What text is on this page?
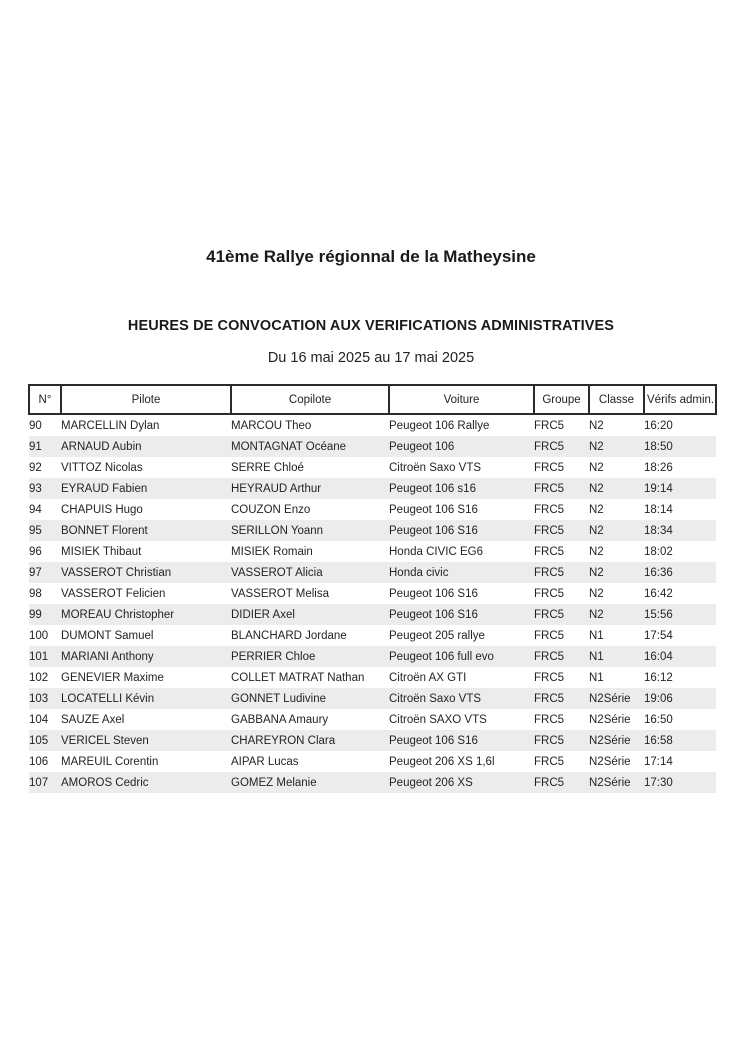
41ème Rallye régionnal de la Matheysine
HEURES DE CONVOCATION AUX VERIFICATIONS ADMINISTRATIVES

Du 16 mai 2025 au 17 mai 2025

N°	Pilote	Copilote	Voiture	Groupe	Classe	Vérifs admin.
90	MARCELLIN Dylan	MARCOU Theo	Peugeot 106 Rallye	FRC5	N2	16:20
91	ARNAUD Aubin	MONTAGNAT Océane	Peugeot 106	FRC5	N2	18:50
92	VITTOZ Nicolas	SERRE Chloé	Citroën Saxo VTS	FRC5	N2	18:26
93	EYRAUD Fabien	HEYRAUD Arthur	Peugeot 106 s16	FRC5	N2	19:14
94	CHAPUIS Hugo	COUZON Enzo	Peugeot 106 S16	FRC5	N2	18:14
95	BONNET Florent	SERILLON Yoann	Peugeot 106 S16	FRC5	N2	18:34
96	MISIEK Thibaut	MISIEK Romain	Honda CIVIC EG6	FRC5	N2	18:02
97	VASSEROT Christian	VASSEROT Alicia	Honda civic	FRC5	N2	16:36
98	VASSEROT Felicien	VASSEROT Melisa	Peugeot 106 S16	FRC5	N2	16:42
99	MOREAU Christopher	DIDIER Axel	Peugeot 106 S16	FRC5	N2	15:56
100	DUMONT Samuel	BLANCHARD Jordane	Peugeot 205 rallye	FRC5	N1	17:54
101	MARIANI Anthony	PERRIER Chloe	Peugeot 106 full evo	FRC5	N1	16:04
102	GENEVIER Maxime	COLLET MATRAT Nathan	Citroën AX GTI	FRC5	N1	16:12
103	LOCATELLI Kévin	GONNET Ludivine	Citroën Saxo VTS	FRC5	N2Série	19:06
104	SAUZE Axel	GABBANA Amaury	Citroën SAXO VTS	FRC5	N2Série	16:50
105	VERICEL Steven	CHAREYRON Clara	Peugeot 106 S16	FRC5	N2Série	16:58
106	MAREUIL Corentin	AIPAR Lucas	Peugeot 206 XS 1,6l	FRC5	N2Série	17:14
107	AMOROS Cedric	GOMEZ Melanie	Peugeot 206 XS	FRC5	N2Série	17:30
